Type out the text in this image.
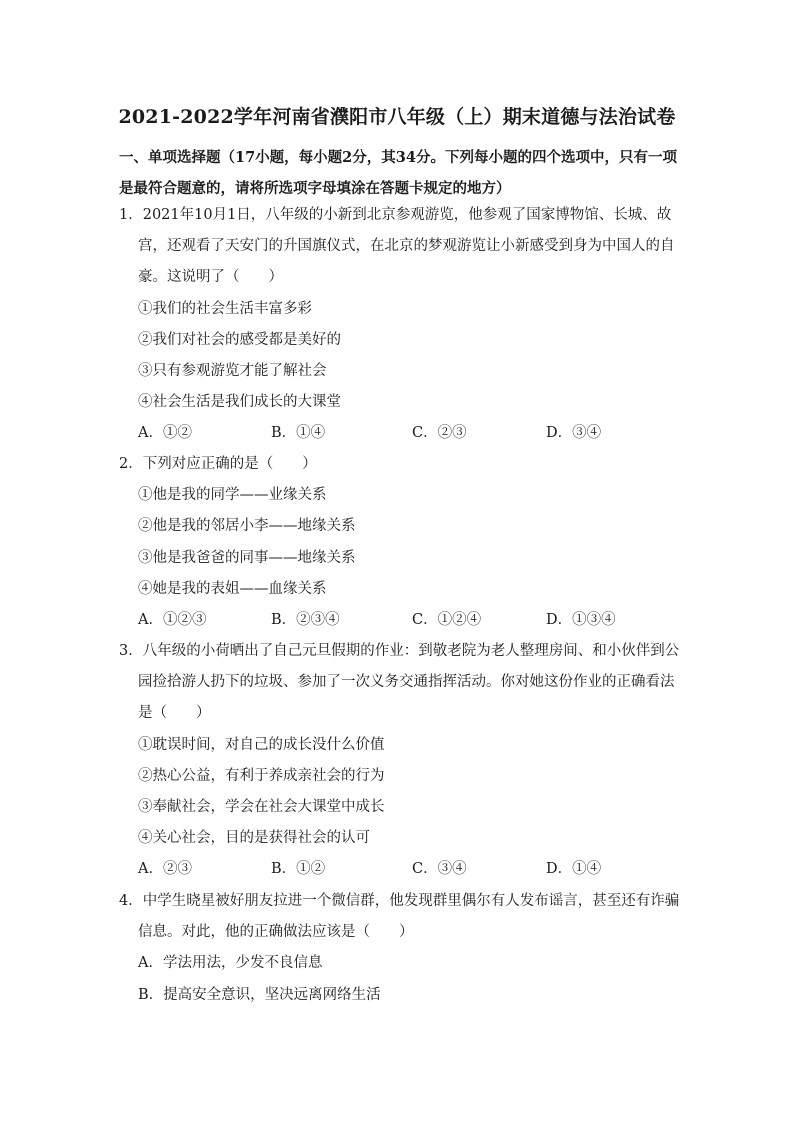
2021-2022学年河南省濮阳市八年级（上）期末道德与法治试卷
一、单项选择题（17小题，每小题2分，其34分。下列每小题的四个选项中，只有一项是最符合题意的，请将所选项字母填涂在答题卡规定的地方）
1．2021年10月1日，八年级的小新到北京参观游览，他参观了国家博物馆、长城、故宫，还观看了天安门的升国旗仪式，在北京的梦观游览让小新感受到身为中国人的自豪。这说明了（　　）
①我们的社会生活丰富多彩
②我们对社会的感受都是美好的
③只有参观游览才能了解社会
④社会生活是我们成长的大课堂
A．①②	B．①④	C．②③	D．③④
2．下列对应正确的是（　　）
①他是我的同学——业缘关系
②他是我的邻居小李——地缘关系
③他是我爸爸的同事——地缘关系
④她是我的表姐——血缘关系
A．①②③	B．②③④	C．①②④	D．①③④
3．八年级的小荷晒出了自己元旦假期的作业：到敬老院为老人整理房间、和小伙伴到公园捡拾游人扔下的垃圾、参加了一次义务交通指挥活动。你对她这份作业的正确看法是（　　）
①耽误时间，对自己的成长没什么价值
②热心公益，有利于养成亲社会的行为
③奉献社会，学会在社会大课堂中成长
④关心社会，目的是获得社会的认可
A．②③	B．①②	C．③④	D．①④
4．中学生晓星被好朋友拉进一个微信群，他发现群里偶尔有人发布谣言，甚至还有诈骗信息。对此，他的正确做法应该是（　　）
A．学法用法，少发不良信息
B．提高安全意识，坚决远离网络生活
